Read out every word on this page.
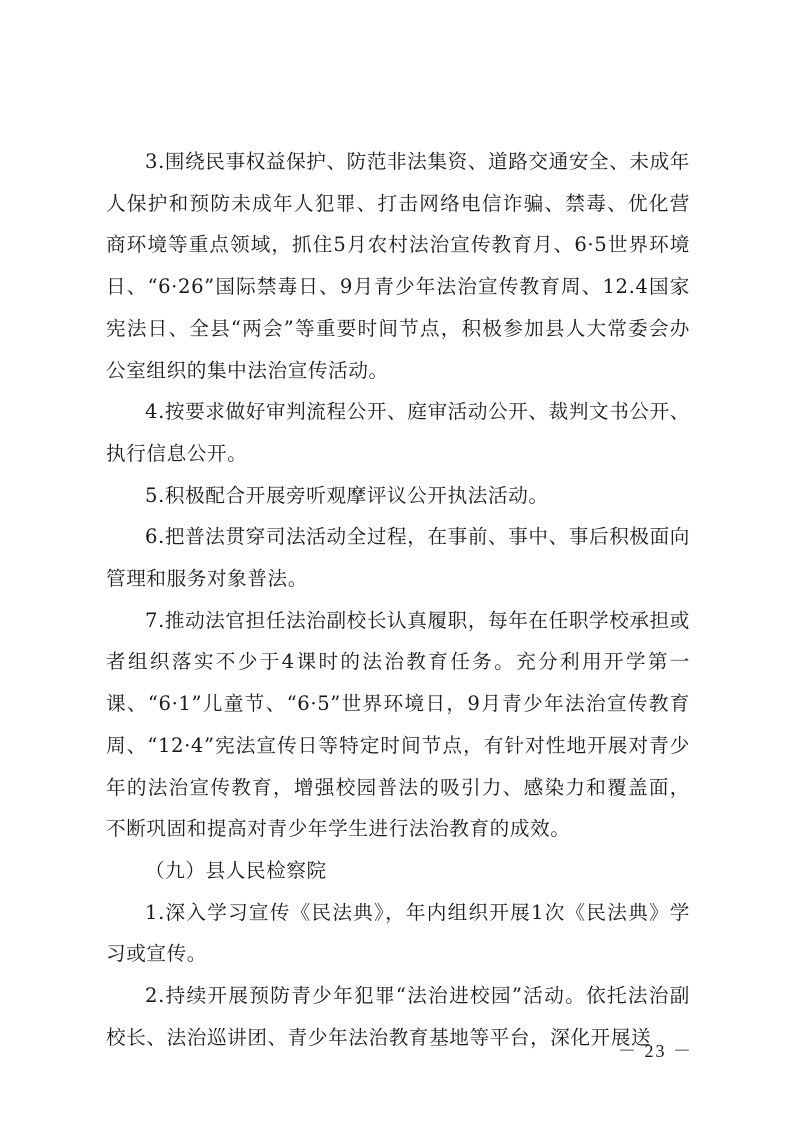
3.围绕民事权益保护、防范非法集资、道路交通安全、未成年人保护和预防未成年人犯罪、打击网络电信诈骗、禁毒、优化营商环境等重点领域，抓住5月农村法治宣传教育月、6·5世界环境日、“6·26”国际禁毒日、9月青少年法治宣传教育周、12.4国家宪法日、全县“两会”等重要时间节点，积极参加县人大常委会办公室组织的集中法治宣传活动。

4.按要求做好审判流程公开、庭审活动公开、裁判文书公开、执行信息公开。

5.积极配合开展旁听观摩评议公开执法活动。

6.把普法贯穿司法活动全过程，在事前、事中、事后积极面向管理和服务对象普法。

7.推动法官担任法治副校长认真履职，每年在任职学校承担或者组织落实不少于4课时的法治教育任务。充分利用开学第一课、“6·1”儿童节、“6·5”世界环境日，9月青少年法治宣传教育周、“12·4”宪法宣传日等特定时间节点，有针对性地开展对青少年的法治宣传教育，增强校园普法的吸引力、感染力和覆盖面，不断巩固和提高对青少年学生进行法治教育的成效。

（九）县人民检察院

1.深入学习宣传《民法典》，年内组织开展1次《民法典》学习或宣传。

2.持续开展预防青少年犯罪“法治进校园”活动。依托法治副校长、法治巡讲团、青少年法治教育基地等平台，深化开展送

－ 23 －
